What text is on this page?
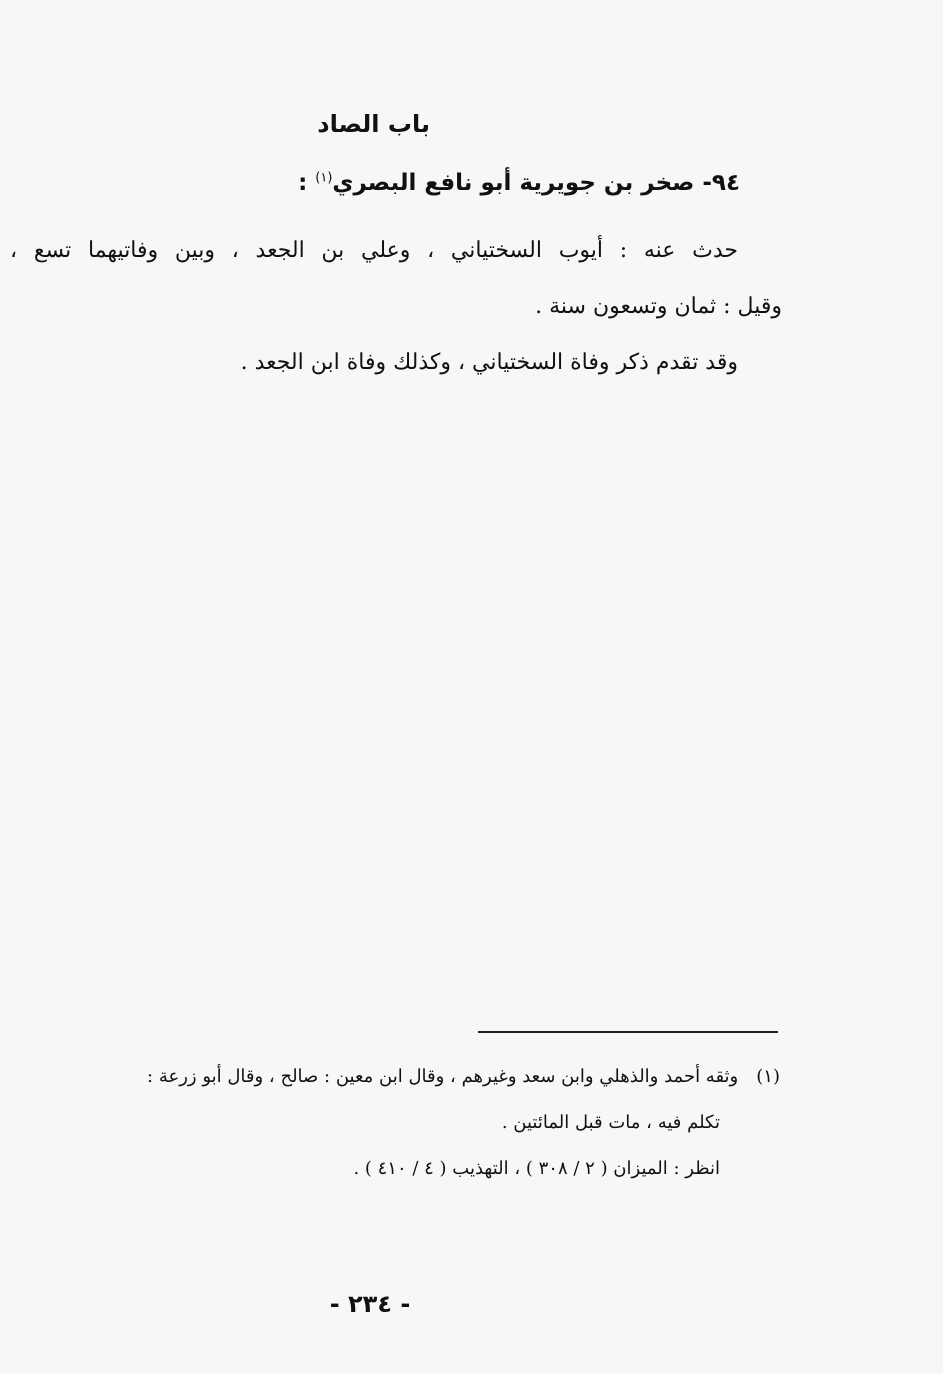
باب الصاد
٩٤- صخر بن جويرية أبو نافع البصري$^{(١)}$ :
حدث عنه : أيوب السختياني ، وعلي بن الجعد ، وبين وفاتيهما تسع ،
وقيل : ثمان وتسعون سنة .
وقد تقدم ذكر وفاة السختياني ، وكذلك وفاة ابن الجعد .
(١)وثقه أحمد والذهلي وابن سعد وغيرهم ، وقال ابن معين : صالح ، وقال أبو زرعة :
تكلم فيه ، مات قبل المائتين .
انظر : الميزان ( ٢ / ٣٠٨ ) ، التهذيب ( ٤ / ٤١٠ ) .
- ٢٣٤ -
